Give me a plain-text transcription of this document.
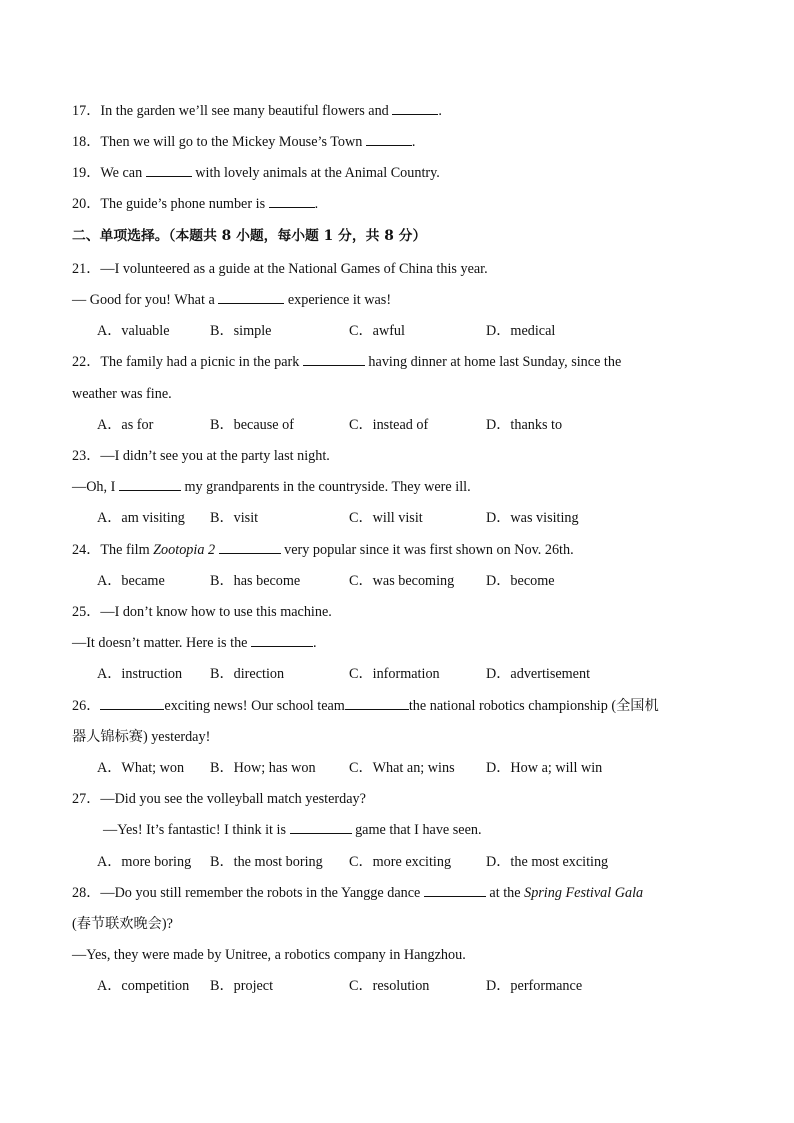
17．In the garden we’ll see many beautiful flowers and	.
18．Then we will go to the Mickey Mouse’s Town	.
19．We can	with lovely animals at the Animal Country.
20．The guide’s phone number is	.
二、单项选择。（本题共 8 小题，每小题 1 分，共 8 分）
21．—I volunteered as a guide at the National Games of China this year.
— Good for you! What a	experience it was!
A．valuable	B．simple	C．awful	D．medical
22．The family had a picnic in the park	having dinner at home last Sunday, since the
weather was fine.
A．as for	B．because of	C．instead of	D．thanks to
23．—I didn’t see you at the party last night.
—Oh, I	my grandparents in the countryside. They were ill.
A．am visiting B．visit	C．will visit	D．was visiting
24．The film Zootopia 2	very popular since it was first shown on Nov. 26th.
A．became	B．has become	C．was becoming D．become
25．—I don’t know how to use this machine.
—It doesn’t matter. Here is the	.
A．instruction B．direction	C．information	D．advertisement
26．	exciting news! Our school team	the national robotics championship (全国机
器人锦标赛) yesterday!
A．What; won B．How; has won C．What an; wins D．How a; will win
27．—Did you see the volleyball match yesterday?
—Yes! It’s fantastic! I think it is	game that I have seen.
A．more boring B．the most boring C．more exciting D．the most exciting
28．—Do you still remember the robots in the Yangge dance	at the Spring Festival Gala
(春节联欢晚会)?
—Yes, they were made by Unitree, a robotics company in Hangzhou.
A．competition B．project	C．resolution	D．performance
